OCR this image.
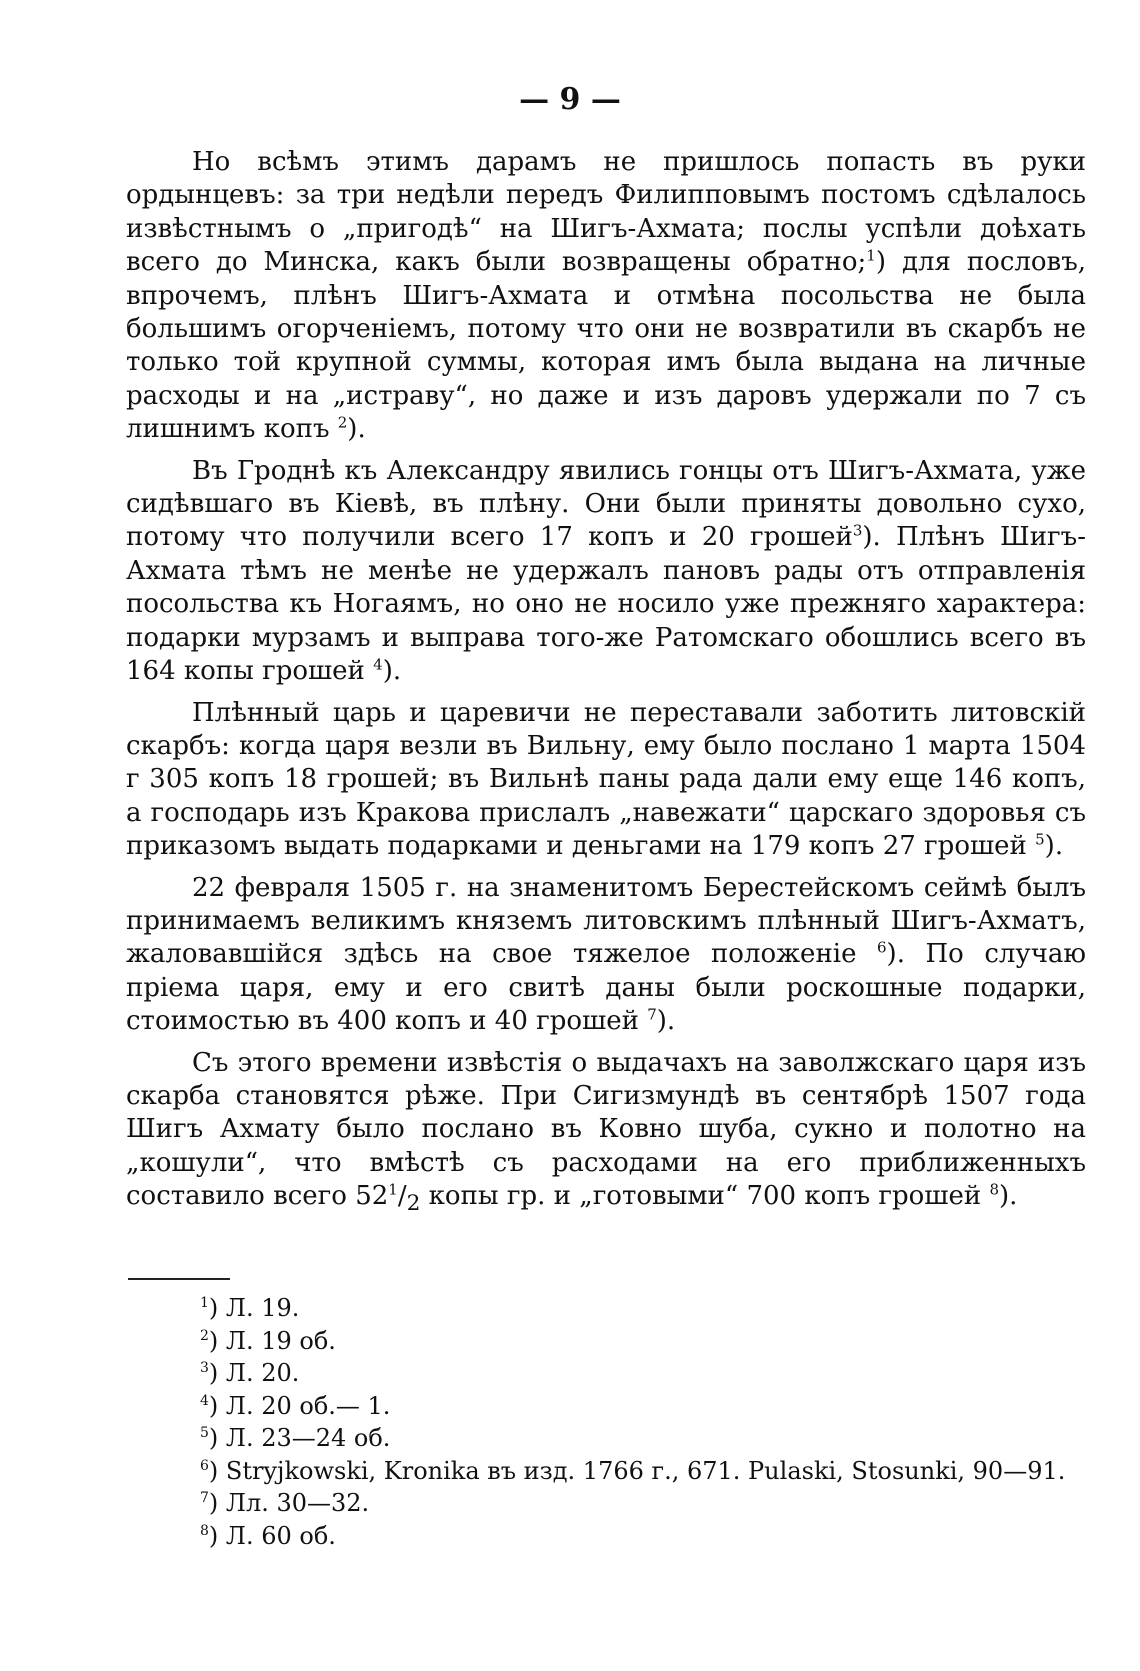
— 9 —

Но всѣмъ этимъ дарамъ не пришлось попасть въ руки ордынцевъ: за три недѣли передъ Филипповымъ постомъ сдѣлалось извѣстнымъ о „пригодѣ“ на Шигъ-Ахмата; послы успѣли доѣхать всего до Минска, какъ были возвращены обратно;$^1$) для пословъ, впрочемъ, плѣнъ Шигъ-Ахмата и отмѣна посольства не была большимъ огорченіемъ, потому что они не возвратили въ скарбъ не только той крупной суммы, которая имъ была выдана на личные расходы и на „истраву“, но даже и изъ даровъ удержали по 7 съ лишнимъ копъ $^2$).

Въ Гроднѣ къ Александру явились гонцы отъ Шигъ-Ахмата, уже сидѣвшаго въ Кіевѣ, въ плѣну. Они были приняты довольно сухо, потому что получили всего 17 копъ и 20 грошей$^3$). Плѣнъ Шигъ-Ахмата тѣмъ не менѣе не удержалъ пановъ рады отъ отправленія посольства къ Ногаямъ, но оно не носило уже прежняго характера: подарки мурзамъ и выправа того-же Ратомскаго обошлись всего въ 164 копы грошей $^4$).

Плѣнный царь и царевичи не переставали заботить литовскій скарбъ: когда царя везли въ Вильну, ему было послано 1 марта 1504 г 305 копъ 18 грошей; въ Вильнѣ паны рада дали ему еще 146 копъ, а господарь изъ Кракова прислалъ „навежати“ царскаго здоровья съ приказомъ выдать подарками и деньгами на 179 копъ 27 грошей $^5$).

22 февраля 1505 г. на знаменитомъ Берестейскомъ сеймѣ былъ принимаемъ великимъ княземъ литовскимъ плѣнный Шигъ-Ахматъ, жаловавшійся здѣсь на свое тяжелое положеніе $^6$). По случаю пріема царя, ему и его свитѣ даны были роскошные подарки, стоимостью въ 400 копъ и 40 грошей $^7$).

Съ этого времени извѣстія о выдачахъ на заволжскаго царя изъ скарба становятся рѣже. При Сигизмундѣ въ сентябрѣ 1507 года Шигъ Ахмату было послано въ Ковно шуба, сукно и полотно на „кошули“, что вмѣстѣ съ расходами на его приближенныхъ составило всего $52^1/_2$ копы гр. и „готовыми“ 700 копъ грошей $^8$).

$^1$) Л. 19.
$^2$) Л. 19 об.
$^3$) Л. 20.
$^4$) Л. 20 об.— 1.
$^5$) Л. 23—24 об.
$^6$) Stryjkowski, Kronika въ изд. 1766 г., 671. Pulaski, Stosunki, 90—91.
$^7$) Лл. 30—32.
$^8$) Л. 60 об.
